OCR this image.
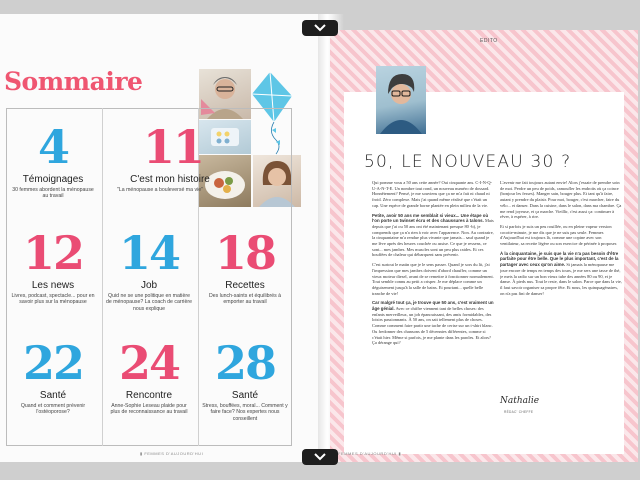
Sommaire
4
Témoignages
30 femmes abordent la ménopause au travail
11
C'est mon histoire
"La ménopause a bouleversé ma vie"
12
Les news
Livres, podcast, spectacle... pour en savoir plus sur la ménopause
14
Job
Quid ne se une politique en matière de ménopause? La coach de carrière nous explique
18
Recettes
Des lunch-saints et équilibrés à emporter au travail
22
Santé
Quand et comment prévenir l'ostéoporose?
24
Rencontre
Anne-Sophie Leseau plaide pour plus de reconnaissance au travail
28
Santé
Stress, bouffées, moral... Comment y faire face? Nos expertes nous conseillent
▮ FEMMES D'AUJOURD'HUI
EDITO
50, LE NOUVEAU 30 ?

Qui pomme vous a 50 ans cette année? Oui cinquante ans. C-I-N-Q-U-A-N-T-E. Un nombre tout rond, un nouveau numéro de dossard. Honnêtement? Pensé, je me souviens que ça ne m'a fait ni chaud ni froid. Zéro complexe. Mais j'ai quand même réalisé que c'était un cap. Une espèce de grande borne plantée en plein milieu de la vie.

Petite, avoir 50 ans me semblait si vieux... Une étape où l'on porte un twinset écru et des chaussures à talons. Mais depuis que j'ai ou 50 ans ont été maintenant presque 80 -b), je comprends que ça n'a rien à voir avec l'apparence. Non. Au contraire, la cinquantaine m'a rendue plus vivante que jamais... sauf quand je me lève après des heures couchée ou assise. Ce que je ressens, ce sont... mes jambes. Mes muscles sont un peu plus raides. Et ces bouffées de chaleur qui débarquent sans prévenir.

C'est surtout le matin que je le sens passer. Quand je sors du lit, j'ai l'impression que mes jambes doivent d'abord chauffer, comme un vieux moteur diesel, avant de se remettre à fonctionner normalement. Tout semble connu au petit a crisper. Je me déplace comme un déguisement jusqu'à la salle de bains. Et pourtant... quelle belle tranche de vie!

Car malgré tout ça, je trouve que 50 ans, c'est vraiment un âge génial. Avec ce chiffre viennent tant de belles choses: des enfants merveilleux, un job épanouissant, des amis formidables, des loisirs passionnants. À 50 ans, on sait tellement plus de choses. Comme comment faire partir une tache de cerise sur un t-shirt blanc. Ou fredonner des chansons de 5 décennies différentes, comme si c'était hier. Même si parfois, je me plante dans les paroles. Et alors? Ça dérange qui?

L'avenir me fait toujours autant envie! Alors j'essaie de prendre soin de moi. Perdre un peu de poids, camoufler les endroits où ça coince (bonjour les fesses). Manger sain, bouger plus. Et tant qu'à faire, autant y prendre du plaisir. Pour moi, bouger, c'est marcher, faire du vélo... et danser. Dans la cuisine, dans le salon, dans ma chambre. Ça me rend joyeuse, et ça marche. Vieillir, c'est aussi ça: continuer à rêver, à espérer, à rire.

Et si parfois je suis un peu rouillée, ou en pleine vapeur version cocotte-minute, je me dis que je ne suis pas seule. Femmes d'Aujourd'hui est toujours là, comme une copine avec son ventilateur, sa recette légère ou son exercice de périnée à proposer.

À la cinquantaine, je suis que la vie n'a pas besoin d'être parfaite pour être belle. Que le plus important, c'est de la partager avec ceux qu'on aime. Si jamais la ménopause me joue encore de temps en temps des tours, je me sers une tasse de thé, je mets la radio sur un bon vieux tube des années 80 ou 90, et je danse. À pieds nus. Tout le reste, dans le salon. Parce que dans la vie, il faut savoir organiser sa propre fête. Et nous, les quinquagénaires, on n'a pas fini de danser!

Nathalie
RÉDAC' CHEFFE
FEMMES D'AUJOURD'HUI ▮
